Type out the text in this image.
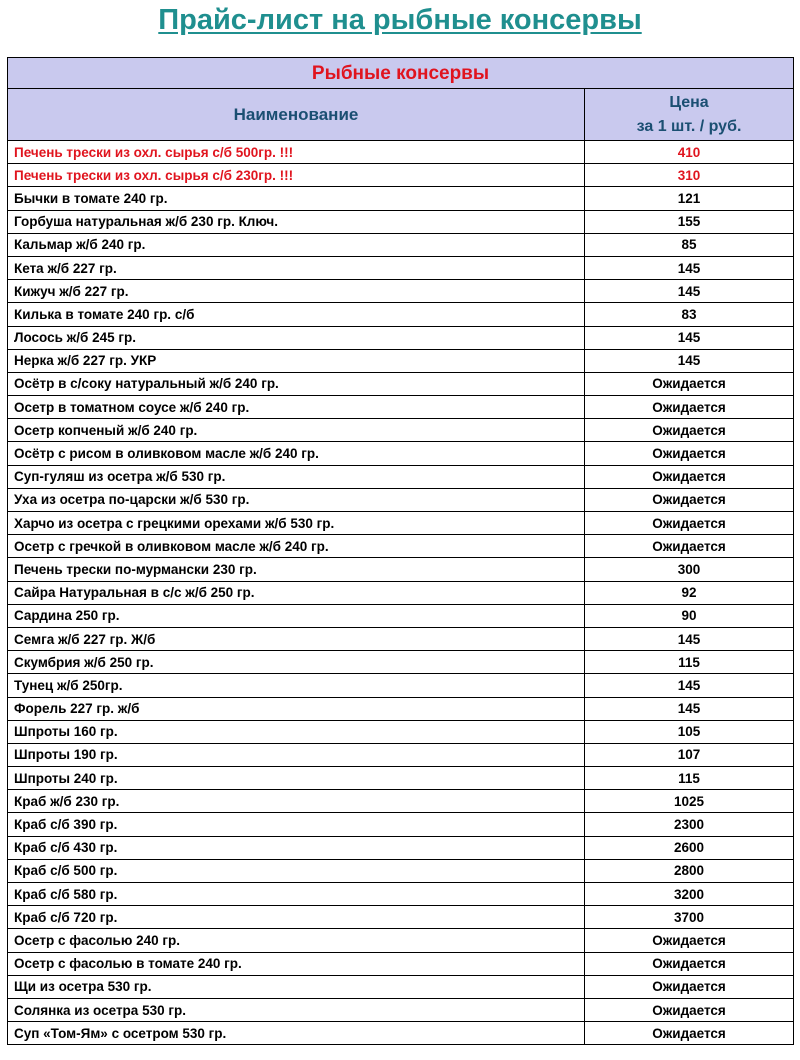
Прайс-лист на рыбные консервы
Рыбные консервы	
Наименование	Цена
за 1 шт. / руб.
Печень трески из охл. сырья с/б 500гр. !!!	410
Печень трески из охл. сырья с/б 230гр. !!!	310
Бычки в томате 240 гр.	121
Горбуша натуральная ж/б 230 гр. Ключ.	155
Кальмар ж/б 240 гр.	85
Кета ж/б 227 гр.	145
Кижуч ж/б 227 гр.	145
Килька в томате 240 гр. с/б	83
Лосось ж/б 245 гр.	145
Нерка ж/б 227 гр. УКР	145
Осётр в с/соку натуральный ж/б 240 гр.	Ожидается
Осетр в томатном соусе ж/б 240 гр.	Ожидается
Осетр копченый ж/б 240 гр.	Ожидается
Осётр с рисом в оливковом масле ж/б 240 гр.	Ожидается
Суп-гуляш из осетра ж/б 530 гр.	Ожидается
Уха из осетра по-царски ж/б 530 гр.	Ожидается
Харчо из осетра с грецкими орехами ж/б 530 гр.	Ожидается
Осетр с гречкой в оливковом масле ж/б 240 гр.	Ожидается
Печень трески по-мурмански 230 гр.	300
Сайра Натуральная в с/с ж/б 250 гр.	92
Сардина 250 гр.	90
Семга ж/б 227 гр. Ж/б	145
Скумбрия ж/б 250 гр.	115
Тунец ж/б 250гр.	145
Форель 227 гр. ж/б	145
Шпроты 160 гр.	105
Шпроты 190 гр.	107
Шпроты 240 гр.	115
Краб ж/б 230 гр.	1025
Краб с/б 390 гр.	2300
Краб с/б 430 гр.	2600
Краб с/б 500 гр.	2800
Краб с/б 580 гр.	3200
Краб с/б 720 гр.	3700
Осетр с фасолью 240 гр.	Ожидается
Осетр с фасолью в томате 240 гр.	Ожидается
Щи из осетра 530 гр.	Ожидается
Солянка из осетра 530 гр.	Ожидается
Суп «Том-Ям» с осетром 530 гр.	Ожидается
